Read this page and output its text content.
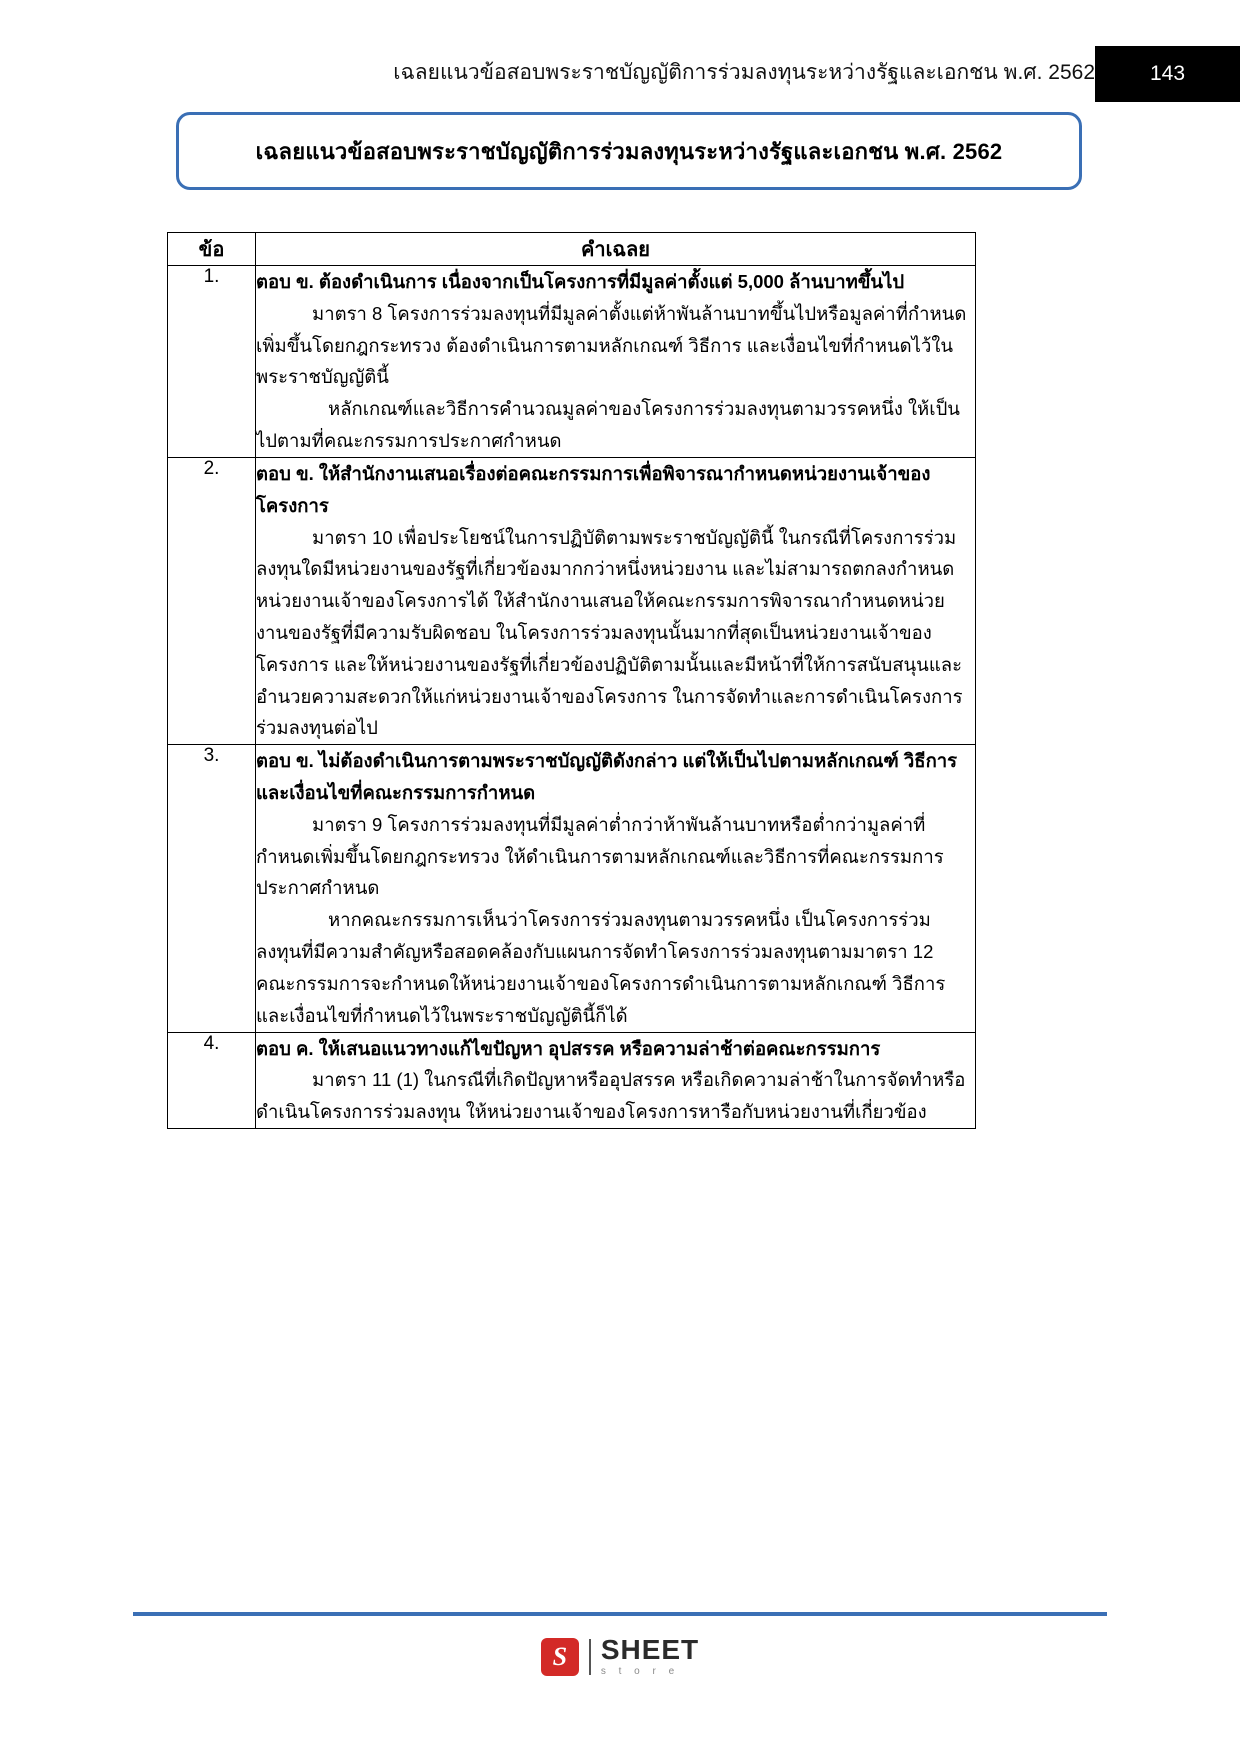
เฉลยแนวข้อสอบพระราชบัญญัติการร่วมลงทุนระหว่างรัฐและเอกชน พ.ศ. 2562	143
เฉลยแนวข้อสอบพระราชบัญญัติการร่วมลงทุนระหว่างรัฐและเอกชน พ.ศ. 2562
ข้อ	คำเฉลย
1.	ตอบ ข. ต้องดำเนินการ เนื่องจากเป็นโครงการที่มีมูลค่าตั้งแต่ 5,000 ล้านบาทขึ้นไป

มาตรา 8 โครงการร่วมลงทุนที่มีมูลค่าตั้งแต่ห้าพันล้านบาทขึ้นไปหรือมูลค่าที่กำหนดเพิ่มขึ้นโดยกฎกระทรวง ต้องดำเนินการตามหลักเกณฑ์ วิธีการ และเงื่อนไขที่กำหนดไว้ในพระราชบัญญัตินี้

หลักเกณฑ์และวิธีการคำนวณมูลค่าของโครงการร่วมลงทุนตามวรรคหนึ่ง ให้เป็นไปตามที่คณะกรรมการประกาศกำหนด

2.	ตอบ ข. ให้สำนักงานเสนอเรื่องต่อคณะกรรมการเพื่อพิจารณากำหนดหน่วยงานเจ้าของโครงการ

มาตรา 10 เพื่อประโยชน์ในการปฏิบัติตามพระราชบัญญัตินี้ ในกรณีที่โครงการร่วมลงทุนใดมีหน่วยงานของรัฐที่เกี่ยวข้องมากกว่าหนึ่งหน่วยงาน และไม่สามารถตกลงกำหนดหน่วยงานเจ้าของโครงการได้ ให้สำนักงานเสนอให้คณะกรรมการพิจารณากำหนดหน่วยงานของรัฐที่มีความรับผิดชอบ ในโครงการร่วมลงทุนนั้นมากที่สุดเป็นหน่วยงานเจ้าของโครงการ และให้หน่วยงานของรัฐที่เกี่ยวข้องปฏิบัติตามนั้นและมีหน้าที่ให้การสนับสนุนและอำนวยความสะดวกให้แก่หน่วยงานเจ้าของโครงการ ในการจัดทำและการดำเนินโครงการร่วมลงทุนต่อไป

3.	ตอบ ข. ไม่ต้องดำเนินการตามพระราชบัญญัติดังกล่าว แต่ให้เป็นไปตามหลักเกณฑ์ วิธีการ และเงื่อนไขที่คณะกรรมการกำหนด

มาตรา 9 โครงการร่วมลงทุนที่มีมูลค่าต่ำกว่าห้าพันล้านบาทหรือต่ำกว่ามูลค่าที่กำหนดเพิ่มขึ้นโดยกฎกระทรวง ให้ดำเนินการตามหลักเกณฑ์และวิธีการที่คณะกรรมการประกาศกำหนด

หากคณะกรรมการเห็นว่าโครงการร่วมลงทุนตามวรรคหนึ่ง เป็นโครงการร่วมลงทุนที่มีความสำคัญหรือสอดคล้องกับแผนการจัดทำโครงการร่วมลงทุนตามมาตรา 12 คณะกรรมการจะกำหนดให้หน่วยงานเจ้าของโครงการดำเนินการตามหลักเกณฑ์ วิธีการ และเงื่อนไขที่กำหนดไว้ในพระราชบัญญัตินี้ก็ได้

4.	ตอบ ค. ให้เสนอแนวทางแก้ไขปัญหา อุปสรรค หรือความล่าช้าต่อคณะกรรมการ

มาตรา 11 (1) ในกรณีที่เกิดปัญหาหรืออุปสรรค หรือเกิดความล่าช้าในการจัดทำหรือดำเนินโครงการร่วมลงทุน ให้หน่วยงานเจ้าของโครงการหารือกับหน่วยงานที่เกี่ยวข้อง

S	SHEET
s t o r e
